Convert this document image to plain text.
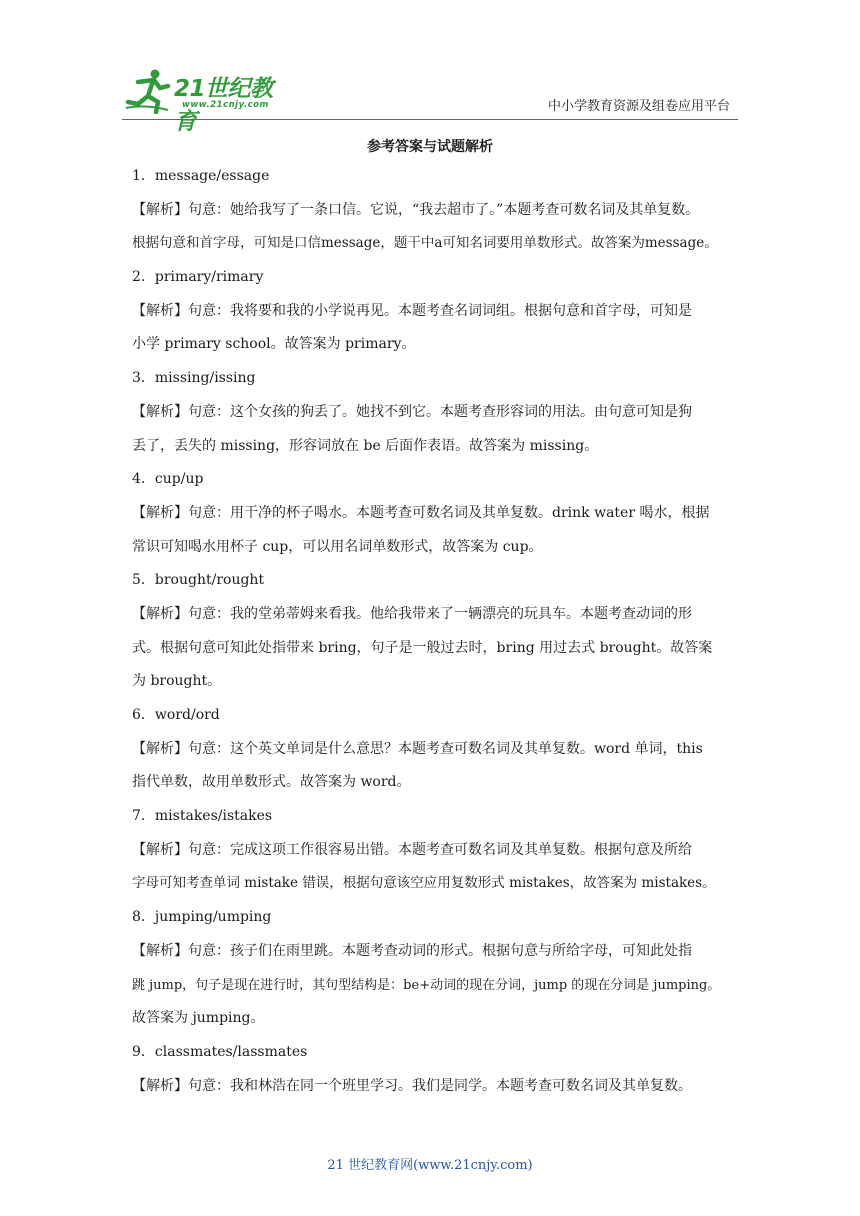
21世纪教育
www.21cnjy.com	中小学教育资源及组卷应用平台
参考答案与试题解析
1．message/essage
【解析】句意：她给我写了一条口信。它说，“我去超市了。”本题考查可数名词及其单复数。
根据句意和首字母，可知是口信message，题干中a可知名词要用单数形式。故答案为message。
2．primary/rimary
【解析】句意：我将要和我的小学说再见。本题考查名词词组。根据句意和首字母，可知是
小学 primary school。故答案为 primary。
3．missing/issing
【解析】句意：这个女孩的狗丢了。她找不到它。本题考查形容词的用法。由句意可知是狗
丢了，丢失的 missing，形容词放在 be 后面作表语。故答案为 missing。
4．cup/up
【解析】句意：用干净的杯子喝水。本题考查可数名词及其单复数。drink water 喝水，根据
常识可知喝水用杯子 cup，可以用名词单数形式，故答案为 cup。
5．brought/rought
【解析】句意：我的堂弟蒂姆来看我。他给我带来了一辆漂亮的玩具车。本题考查动词的形
式。根据句意可知此处指带来 bring，句子是一般过去时，bring 用过去式 brought。故答案
为 brought。
6．word/ord
【解析】句意：这个英文单词是什么意思？本题考查可数名词及其单复数。word 单词，this
指代单数，故用单数形式。故答案为 word。
7．mistakes/istakes
【解析】句意：完成这项工作很容易出错。本题考查可数名词及其单复数。根据句意及所给
字母可知考查单词 mistake 错误，根据句意该空应用复数形式 mistakes，故答案为 mistakes。
8．jumping/umping
【解析】句意：孩子们在雨里跳。本题考查动词的形式。根据句意与所给字母，可知此处指
跳 jump，句子是现在进行时，其句型结构是：be+动词的现在分词，jump 的现在分词是 jumping。
故答案为 jumping。
9．classmates/lassmates
【解析】句意：我和林浩在同一个班里学习。我们是同学。本题考查可数名词及其单复数。
21 世纪教育网(www.21cnjy.com)
